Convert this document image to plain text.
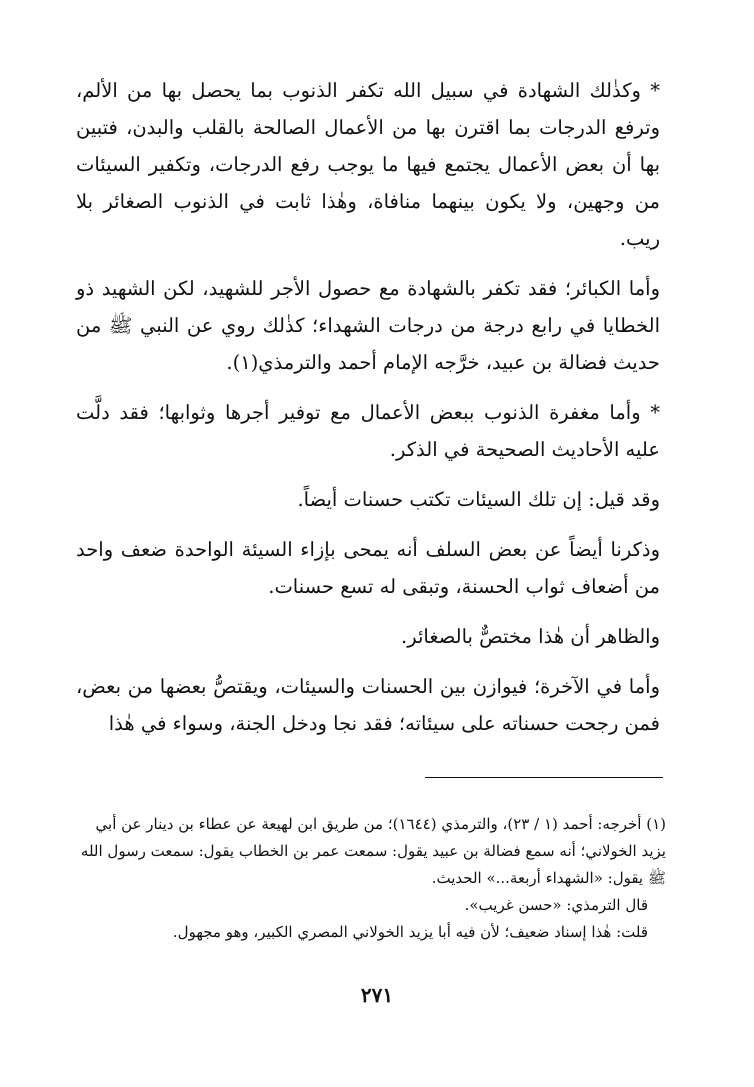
* وكذٰلك الشهادة في سبيل الله تكفر الذنوب بما يحصل بها من الألم، وترفع الدرجات بما اقترن بها من الأعمال الصالحة بالقلب والبدن، فتبين بها أن بعض الأعمال يجتمع فيها ما يوجب رفع الدرجات، وتكفير السيئات من وجهين، ولا يكون بينهما منافاة، وهٰذا ثابت في الذنوب الصغائر بلا ريب.

وأما الكبائر؛ فقد تكفر بالشهادة مع حصول الأجر للشهيد، لكن الشهيد ذو الخطايا في رابع درجة من درجات الشهداء؛ كذٰلك روي عن النبي ﷺ من حديث فضالة بن عبيد، خرَّجه الإمام أحمد والترمذي(١).

* وأما مغفرة الذنوب ببعض الأعمال مع توفير أجرها وثوابها؛ فقد دلَّت عليه الأحاديث الصحيحة في الذكر.

وقد قيل: إن تلك السيئات تكتب حسنات أيضاً.

وذكرنا أيضاً عن بعض السلف أنه يمحى بإزاء السيئة الواحدة ضعف واحد من أضعاف ثواب الحسنة، وتبقى له تسع حسنات.

والظاهر أن هٰذا مختصٌّ بالصغائر.

وأما في الآخرة؛ فيوازن بين الحسنات والسيئات، ويقتصُّ بعضها من بعض، فمن رجحت حسناته على سيئاته؛ فقد نجا ودخل الجنة، وسواء في هٰذا

(١) أخرجه: أحمد (١ / ٢٣)، والترمذي (١٦٤٤)؛ من طريق ابن لهيعة عن عطاء بن دينار عن أبي يزيد الخولاني؛ أنه سمع فضالة بن عبيد يقول: سمعت عمر بن الخطاب يقول: سمعت رسول الله ﷺ يقول: «الشهداء أربعة...» الحديث.

قال الترمذي: «حسن غريب».

قلت: هٰذا إسناد ضعيف؛ لأن فيه أبا يزيد الخولاني المصري الكبير، وهو مجهول.

٢٧١
